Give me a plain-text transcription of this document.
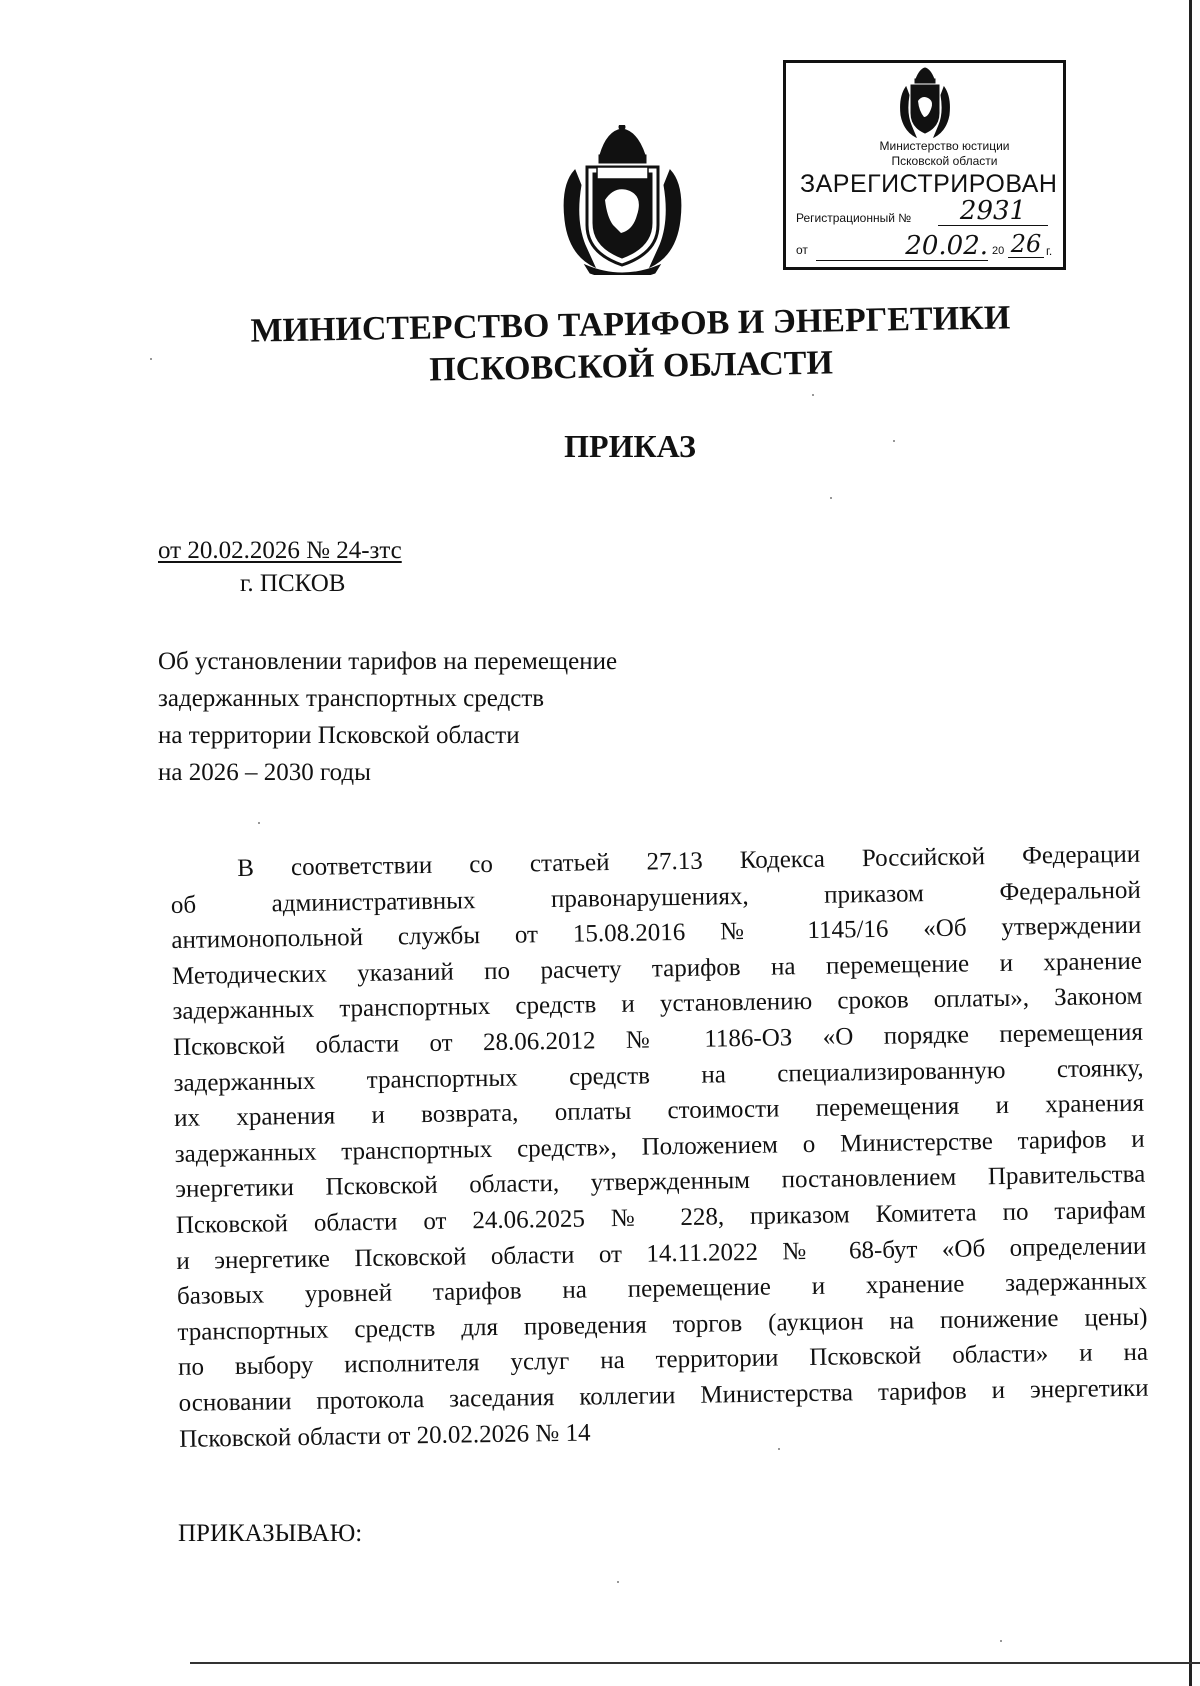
Министерство юстиции
Псковской области
ЗАРЕГИСТРИРОВАН
Регистрационный №	2931
от	20.02. 20 26 г.
МИНИСТЕРСТВО ТАРИФОВ И ЭНЕРГЕТИКИ
ПСКОВСКОЙ ОБЛАСТИ
ПРИКАЗ
от 20.02.2026 № 24-зтс
г. ПСКОВ
Об установлении тарифов на перемещение
задержанных транспортных средств
на территории Псковской области
на 2026 – 2030 годы
В соответствии со статьей 27.13 Кодекса Российской Федерации
об административных правонарушениях, приказом Федеральной
антимонопольной службы от 15.08.2016 № 1145/16 «Об утверждении
Методических указаний по расчету тарифов на перемещение и хранение
задержанных транспортных средств и установлению сроков оплаты», Законом
Псковской области от 28.06.2012 № 1186-ОЗ «О порядке перемещения
задержанных транспортных средств на специализированную стоянку,
их хранения и возврата, оплаты стоимости перемещения и хранения
задержанных транспортных средств», Положением о Министерстве тарифов и
энергетики Псковской области, утвержденным постановлением Правительства
Псковской области от 24.06.2025 № 228, приказом Комитета по тарифам
и энергетике Псковской области от 14.11.2022 № 68-бут «Об определении
базовых уровней тарифов на перемещение и хранение задержанных
транспортных средств для проведения торгов (аукцион на понижение цены)
по выбору исполнителя услуг на территории Псковской области» и на
основании протокола заседания коллегии Министерства тарифов и энергетики
Псковской области от 20.02.2026 № 14
ПРИКАЗЫВАЮ:
